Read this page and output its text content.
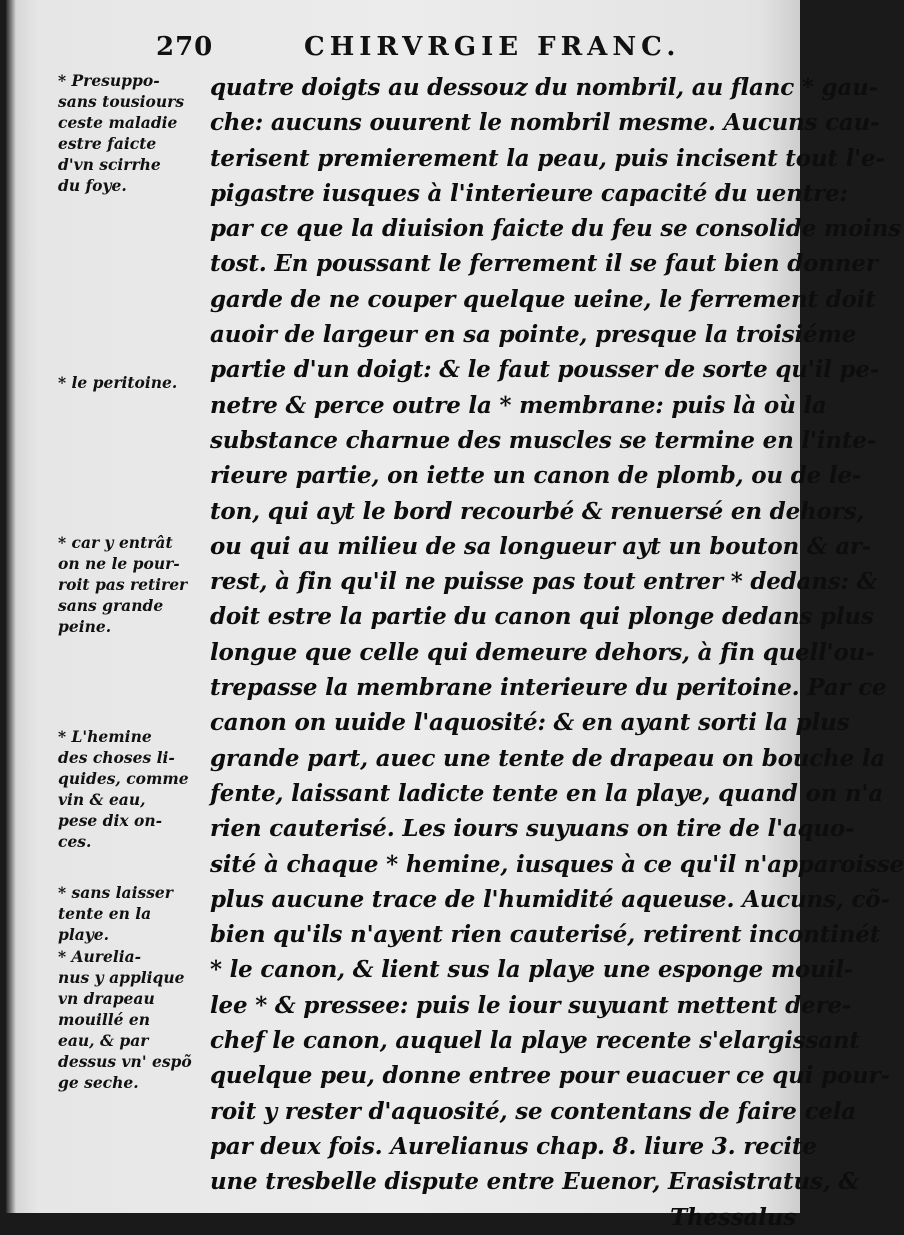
270	CHIRVRGIE FRANC.
* Presuppo-
sans tousiours
ceste maladie
estre faicte
d'vn scirrhe
du foye.
* le peritoine.
* car y entrât
on ne le pour-
roit pas retirer
sans grande
peine.
* L'hemine
des choses li-
quides, comme
vin & eau,
pese dix on-
ces.
* sans laisser
tente en la
playe.
* Aurelia-
nus y applique
vn drapeau
mouillé en
eau, & par
dessus vn' espõ
ge seche.
quatre doigts au dessouz du nombril, au flanc * gau-
che: aucuns ouurent le nombril mesme. Aucuns cau-
terisent premierement la peau, puis incisent tout l'e-
pigastre iusques à l'interieure capacité du uentre:
par ce que la diuision faicte du feu se consolide moins
tost. En poussant le ferrement il se faut bien donner
garde de ne couper quelque ueine, le ferrement doit
auoir de largeur en sa pointe, presque la troisiéme
partie d'un doigt: & le faut pousser de sorte qu'il pe-
netre & perce outre la * membrane: puis là où la
substance charnue des muscles se termine en l'inte-
rieure partie, on iette un canon de plomb, ou de le-
ton, qui ayt le bord recourbé & renuersé en dehors,
ou qui au milieu de sa longueur ayt un bouton & ar-
rest, à fin qu'il ne puisse pas tout entrer * dedans: &
doit estre la partie du canon qui plonge dedans plus
longue que celle qui demeure dehors, à fin quell'ou-
trepasse la membrane interieure du peritoine. Par ce
canon on uuide l'aquosité: & en ayant sorti la plus
grande part, auec une tente de drapeau on bouche la
fente, laissant ladicte tente en la playe, quand on n'a
rien cauterisé. Les iours suyuans on tire de l'aquo-
sité à chaque * hemine, iusques à ce qu'il n'apparoisse
plus aucune trace de l'humidité aqueuse. Aucuns, cõ-
bien qu'ils n'ayent rien cauterisé, retirent incontinét
* le canon, & lient sus la playe une esponge mouil-
lee * & pressee: puis le iour suyuant mettent dere-
chef le canon, auquel la playe recente s'elargissant
quelque peu, donne entree pour euacuer ce qui pour-
roit y rester d'aquosité, se contentans de faire cela
par deux fois. Aurelianus chap. 8. liure 3. recite
une tresbelle dispute entre Euenor, Erasistratus, &
Thessalus
